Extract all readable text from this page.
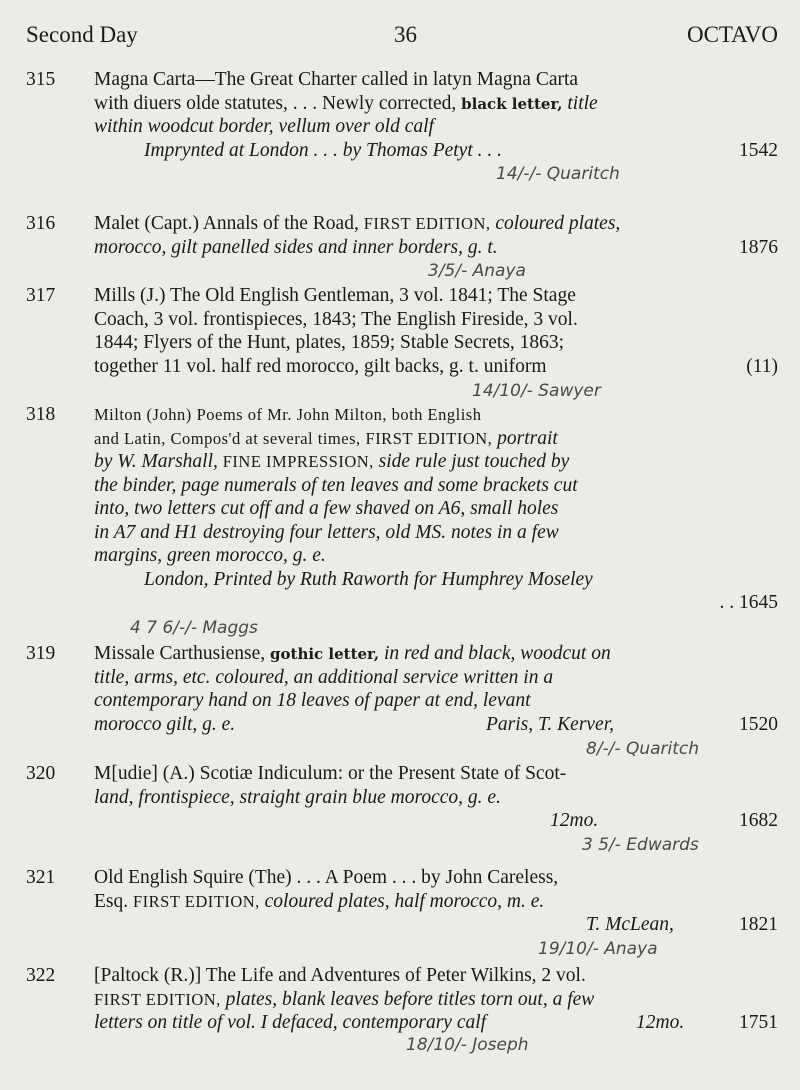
Second Day	36	OCTAVO
315	Magna Carta—The Great Charter called in latyn Magna Carta
with diuers olde statutes, . . . Newly corrected, black letter, title
within woodcut border, vellum over old calf
Imprynted at London . . . by Thomas Petyt . . .	1542
14/-/- Quaritch
316	Malet (Capt.) Annals of the Road, FIRST EDITION, coloured plates,
morocco, gilt panelled sides and inner borders, g. t.	1876
3/5/- Anaya
317	Mills (J.) The Old English Gentleman, 3 vol. 1841; The Stage
Coach, 3 vol. frontispieces, 1843; The English Fireside, 3 vol.
1844; Flyers of the Hunt, plates, 1859; Stable Secrets, 1863;
together 11 vol. half red morocco, gilt backs, g. t. uniform	(11)
14/10/- Sawyer
318	Milton (John) Poems of Mr. John Milton, both English
and Latin, Compos'd at several times, FIRST EDITION, portrait
by W. Marshall, FINE IMPRESSION, side rule just touched by
the binder, page numerals of ten leaves and some brackets cut
into, two letters cut off and a few shaved on A6, small holes
in A7 and H1 destroying four letters, old MS. notes in a few
margins, green morocco, g. e.
London, Printed by Ruth Raworth for Humphrey Moseley
. . 1645
4 7 6/-/- Maggs
319	Missale Carthusiense, gothic letter, in red and black, woodcut on
title, arms, etc. coloured, an additional service written in a
contemporary hand on 18 leaves of paper at end, levant
morocco gilt, g. e.	Paris, T. Kerver,	1520
8/-/- Quaritch
320	M[udie] (A.) Scotiæ Indiculum: or the Present State of Scot-
land, frontispiece, straight grain blue morocco, g. e.
12mo.	1682
3 5/- Edwards
321	Old English Squire (The) . . . A Poem . . . by John Careless,
Esq. FIRST EDITION, coloured plates, half morocco, m. e.
T. McLean,	1821
19/10/- Anaya
322	[Paltock (R.)] The Life and Adventures of Peter Wilkins, 2 vol.
FIRST EDITION, plates, blank leaves before titles torn out, a few
letters on title of vol. I defaced, contemporary calf	12mo.	1751
18/10/- Joseph
